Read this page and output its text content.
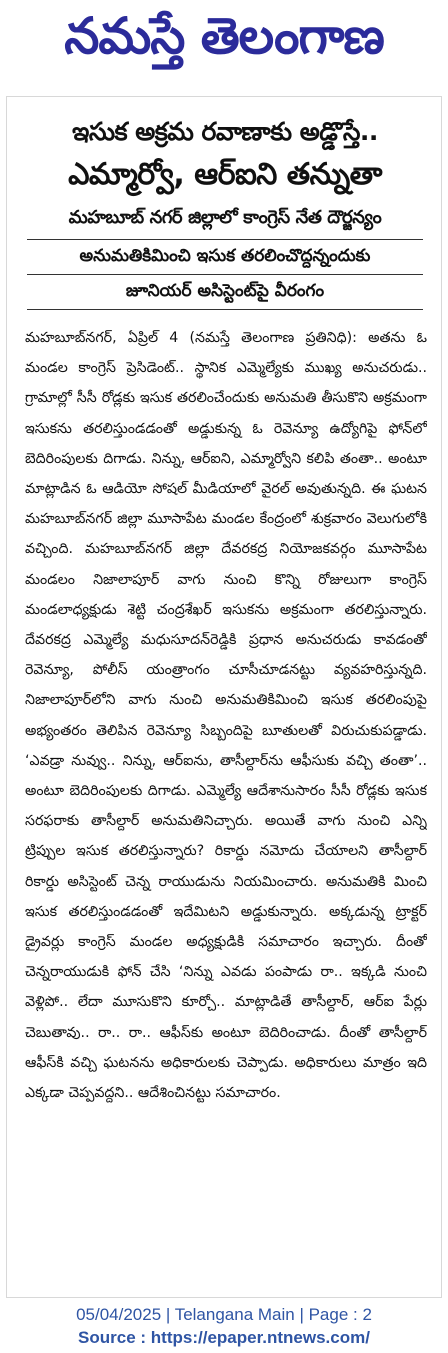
నమస్తే తెలంగాణ
ఇసుక అక్రమ రవాణాకు అడ్డొస్తే..
ఎమ్మార్వో, ఆర్ఐని తన్నుతా
మహబూబ్ నగర్ జిల్లాలో కాంగ్రెస్ నేత దౌర్జన్యం
అనుమతికిమించి ఇసుక తరలించొద్దన్నందుకు
జూనియర్ అసిస్టెంట్‌పై వీరంగం

మహబూబ్‌నగర్, ఏప్రిల్ 4 (నమస్తే తెలంగాణ ప్రతినిధి): అతను ఓ మండల కాంగ్రెస్ ప్రెసిడెంట్.. స్థానిక ఎమ్మెల్యేకు ముఖ్య అనుచరుడు.. గ్రామాల్లో సీసీ రోడ్లకు ఇసుక తరలించేందుకు అనుమతి తీసుకొని అక్రమంగా ఇసుకను తరలిస్తుండడంతో అడ్డుకున్న ఓ రెవెన్యూ ఉద్యోగిపై ఫోన్‌లో బెదిరింపులకు దిగాడు. నిన్ను, ఆర్ఐని, ఎమ్మార్వోని కలిపి తంతా.. అంటూ మాట్లాడిన ఓ ఆడియో సోషల్ మీడియాలో వైరల్ అవుతున్నది. ఈ ఘటన మహబూబ్‌నగర్ జిల్లా మూసాపేట మండల కేంద్రంలో శుక్రవారం వెలుగులోకి వచ్చింది. మహబూబ్‌నగర్ జిల్లా దేవరకద్ర నియోజకవర్గం మూసాపేట మండలం నిజాలాపూర్ వాగు నుంచి కొన్ని రోజులుగా కాంగ్రెస్ మండలాధ్యక్షుడు శెట్టి చంద్రశేఖర్ ఇసుకను అక్రమంగా తరలిస్తున్నారు. దేవరకద్ర ఎమ్మెల్యే మధుసూదన్‌రెడ్డికి ప్రధాన అనుచరుడు కావడంతో రెవెన్యూ, పోలీస్ యంత్రాంగం చూసీచూడనట్టు వ్యవహరిస్తున్నది. నిజాలాపూర్‌లోని వాగు నుంచి అనుమతికిమించి ఇసుక తరలింపుపై అభ్యంతరం తెలిపిన రెవెన్యూ సిబ్బందిపై బూతులతో విరుచుకుపడ్డాడు. ‘ఎవడ్రా నువ్వు.. నిన్ను, ఆర్ఐను, తాసీల్దార్‌ను ఆఫీసుకు వచ్చి తంతా’.. అంటూ బెదిరింపులకు దిగాడు. ఎమ్మెల్యే ఆదేశానుసారం సీసీ రోడ్లకు ఇసుక సరఫరాకు తాసీల్దార్ అనుమతినిచ్చారు. అయితే వాగు నుంచి ఎన్ని ట్రిప్పుల ఇసుక తరలిస్తున్నారు? రికార్డు నమోదు చేయాలని తాసీల్దార్ రికార్డు అసిస్టెంట్ చెన్న రాయుడును నియమించారు. అనుమతికి మించి ఇసుక తరలిస్తుండడంతో ఇదేమిటని అడ్డుకున్నారు. అక్కడున్న ట్రాక్టర్ డ్రైవర్లు కాంగ్రెస్ మండల అధ్యక్షుడికి సమాచారం ఇచ్చారు. దీంతో చెన్నరాయుడుకి ఫోన్ చేసి ‘నిన్ను ఎవడు పంపాడు రా.. ఇక్కడి నుంచి వెళ్లిపో.. లేదా మూసుకొని కూర్చో.. మాట్లాడితే తాసీల్దార్, ఆర్ఐ పేర్లు చెబుతావు.. రా.. రా.. ఆఫీస్‌కు అంటూ బెదిరించాడు. దీంతో తాసీల్దార్ ఆఫీస్‌కి వచ్చి ఘటనను అధికారులకు చెప్పాడు. అధికారులు మాత్రం ఇది ఎక్కడా చెప్పవద్దని.. ఆదేశించినట్టు సమాచారం.

05/04/2025 | Telangana Main | Page : 2
Source : https://epaper.ntnews.com/
